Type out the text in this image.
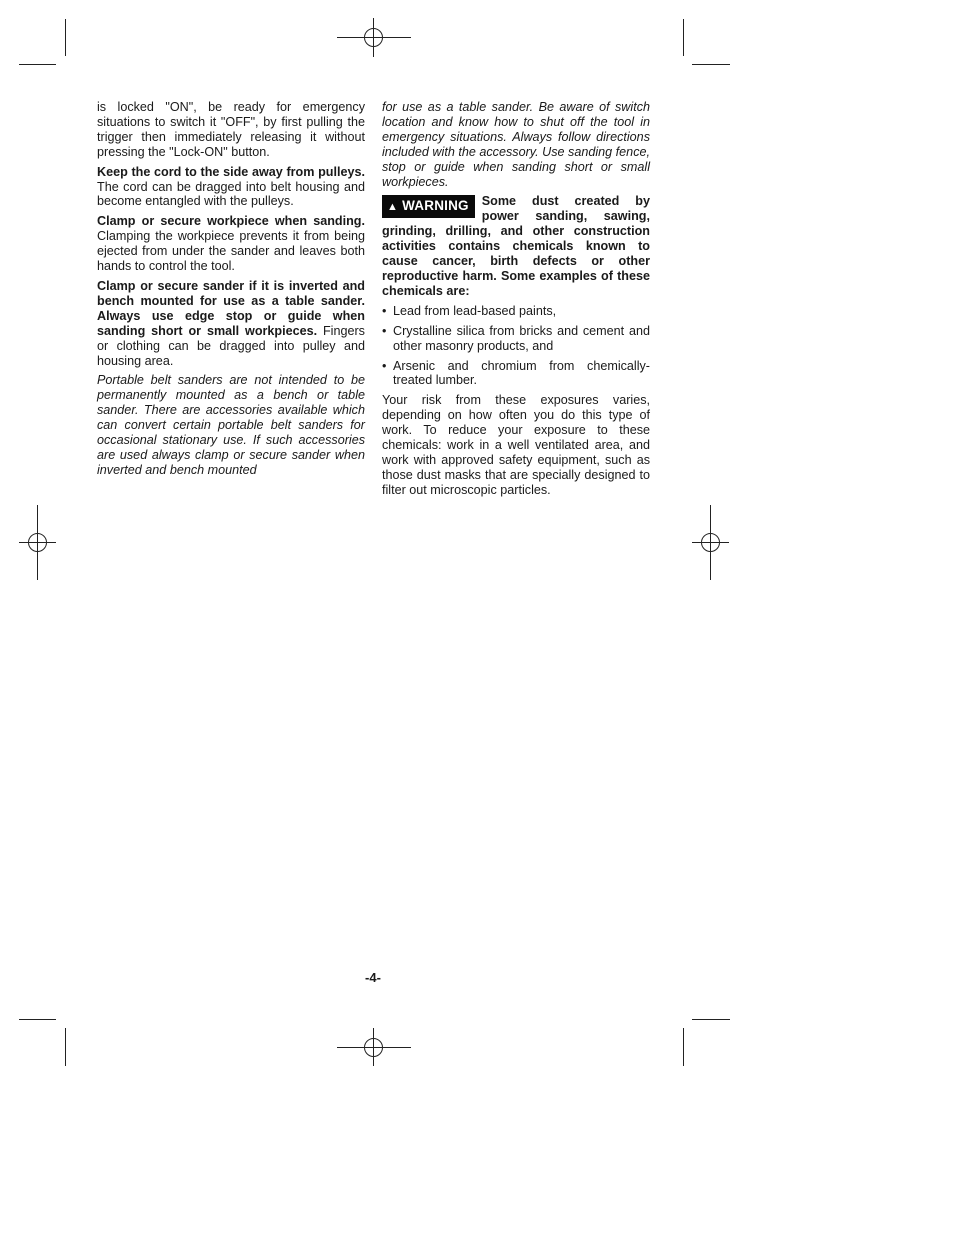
is locked "ON", be ready for emergency situations to switch it "OFF", by first pulling the trigger then immediately releasing it without pressing the "Lock-ON" button.

Keep the cord to the side away from pulleys. The cord can be dragged into belt housing and become entangled with the pulleys.

Clamp or secure workpiece when sanding. Clamping the workpiece prevents it from being ejected from under the sander and leaves both hands to control the tool.

Clamp or secure sander if it is inverted and bench mounted for use as a table sander. Always use edge stop or guide when sanding short or small workpieces. Fingers or clothing can be dragged into pulley and housing area.

Portable belt sanders are not intended to be permanently mounted as a bench or table sander. There are accessories available which can convert certain portable belt sanders for occasional stationary use. If such accessories are used always clamp or secure sander when inverted and bench mounted

for use as a table sander. Be aware of switch location and know how to shut off the tool in emergency situations. Always follow directions included with the accessory. Use sanding fence, stop or guide when sanding short or small workpieces.

▲ WARNING	Some dust created by power sanding, sawing, grinding, drilling, and other construction activities contains chemicals known to cause cancer, birth defects or other reproductive harm. Some examples of these chemicals are:

• Lead from lead-based paints,
• Crystalline silica from bricks and cement and other masonry products, and
• Arsenic and chromium from chemically-treated lumber.

Your risk from these exposures varies, depending on how often you do this type of work. To reduce your exposure to these chemicals: work in a well ventilated area, and work with approved safety equipment, such as those dust masks that are specially designed to filter out microscopic particles.

-4-
